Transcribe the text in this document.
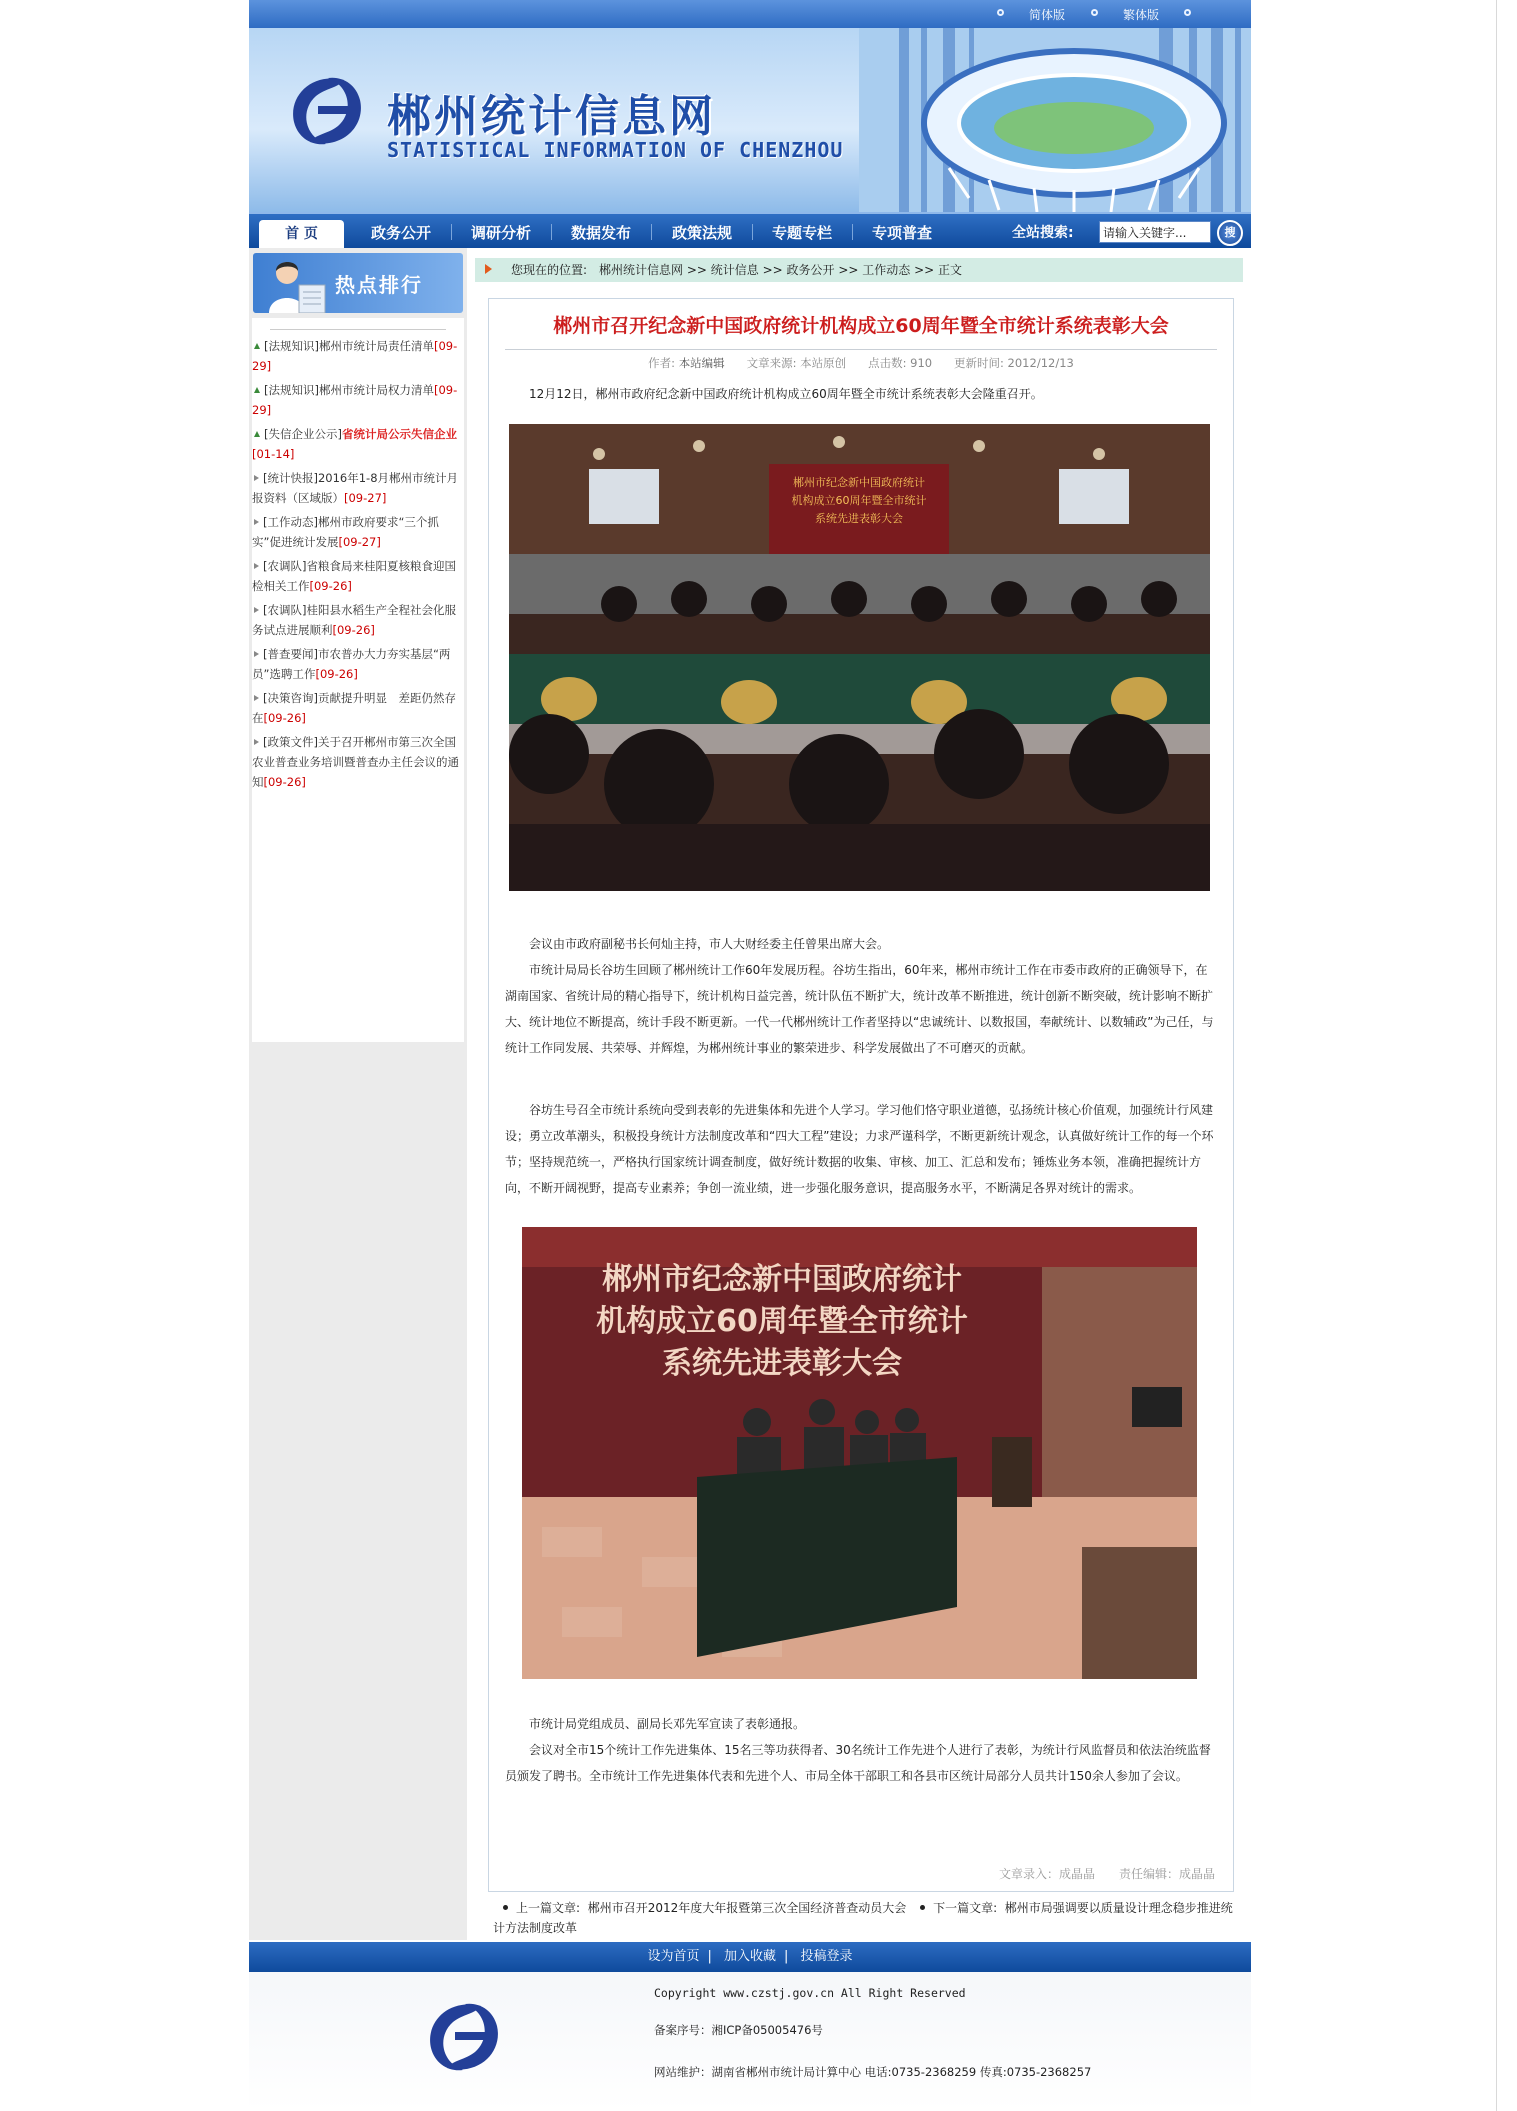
简体版	繁体版
郴州统计信息网
STATISTICAL INFORMATION OF CHENZHOU
首 页	政务公开	调研分析	数据发布	政策法规	专题专栏	专项普查	全站搜索:
请输入关键字...	搜
热点排行
[法规知识]郴州市统计局责任清单[09-29]
[法规知识]郴州市统计局权力清单[09-29]
[失信企业公示]省统计局公示失信企业[01-14]
[统计快报]2016年1-8月郴州市统计月报资料（区域版）[09-27]
[工作动态]郴州市政府要求“三个抓实”促进统计发展[09-27]
[农调队]省粮食局来桂阳夏核粮食迎国检相关工作[09-26]
[农调队]桂阳县水稻生产全程社会化服务试点进展顺利[09-26]
[普查要闻]市农普办大力夯实基层“两员”选聘工作[09-26]
[决策咨询]贡献提升明显　差距仍然存在[09-26]
[政策文件]关于召开郴州市第三次全国农业普查业务培训暨普查办主任会议的通知[09-26]
您现在的位置:　郴州统计信息网 >> 统计信息 >> 政务公开 >> 工作动态 >> 正文
郴州市召开纪念新中国政府统计机构成立60周年暨全市统计系统表彰大会
作者: 本站编辑 文章来源: 本站原创 点击数: 910 更新时间: 2012/12/13
12月12日，郴州市政府纪念新中国政府统计机构成立60周年暨全市统计系统表彰大会隆重召开。
郴州市纪念新中国政府统计
机构成立60周年暨全市统计
系统先进表彰大会
会议由市政府副秘书长何灿主持，市人大财经委主任曾果出席大会。
市统计局局长谷坊生回顾了郴州统计工作60年发展历程。谷坊生指出，60年来，郴州市统计工作在市委市政府的正确领导下，在湖南国家、省统计局的精心指导下，统计机构日益完善，统计队伍不断扩大，统计改革不断推进，统计创新不断突破，统计影响不断扩大、统计地位不断提高，统计手段不断更新。一代一代郴州统计工作者坚持以“忠诚统计、以数报国，奉献统计、以数辅政”为己任，与统计工作同发展、共荣辱、并辉煌，为郴州统计事业的繁荣进步、科学发展做出了不可磨灭的贡献。
谷坊生号召全市统计系统向受到表彰的先进集体和先进个人学习。学习他们恪守职业道德，弘扬统计核心价值观，加强统计行风建设；勇立改革潮头，积极投身统计方法制度改革和“四大工程”建设；力求严谨科学，不断更新统计观念，认真做好统计工作的每一个环节；坚持规范统一，严格执行国家统计调查制度，做好统计数据的收集、审核、加工、汇总和发布；锤炼业务本领，准确把握统计方向，不断开阔视野，提高专业素养；争创一流业绩，进一步强化服务意识，提高服务水平，不断满足各界对统计的需求。
郴州市纪念新中国政府统计
机构成立60周年暨全市统计
系统先进表彰大会
市统计局党组成员、副局长邓先军宣读了表彰通报。
会议对全市15个统计工作先进集体、15名三等功获得者、30名统计工作先进个人进行了表彰，为统计行风监督员和依法治统监督员颁发了聘书。全市统计工作先进集体代表和先进个人、市局全体干部职工和各县市区统计局部分人员共计150余人参加了会议。
文章录入：成晶晶　　责任编辑：成晶晶
上一篇文章: 郴州市召开2012年度大年报暨第三次全国经济普查动员大会 下一篇文章: 郴州市局强调要以质量设计理念稳步推进统计方法制度改革
设为首页 | 加入收藏 | 投稿登录
Copyright www.czstj.gov.cn All Right Reserved
备案序号：湘ICP备05005476号
网站维护：湖南省郴州市统计局计算中心 电话:0735-2368259 传真:0735-2368257
